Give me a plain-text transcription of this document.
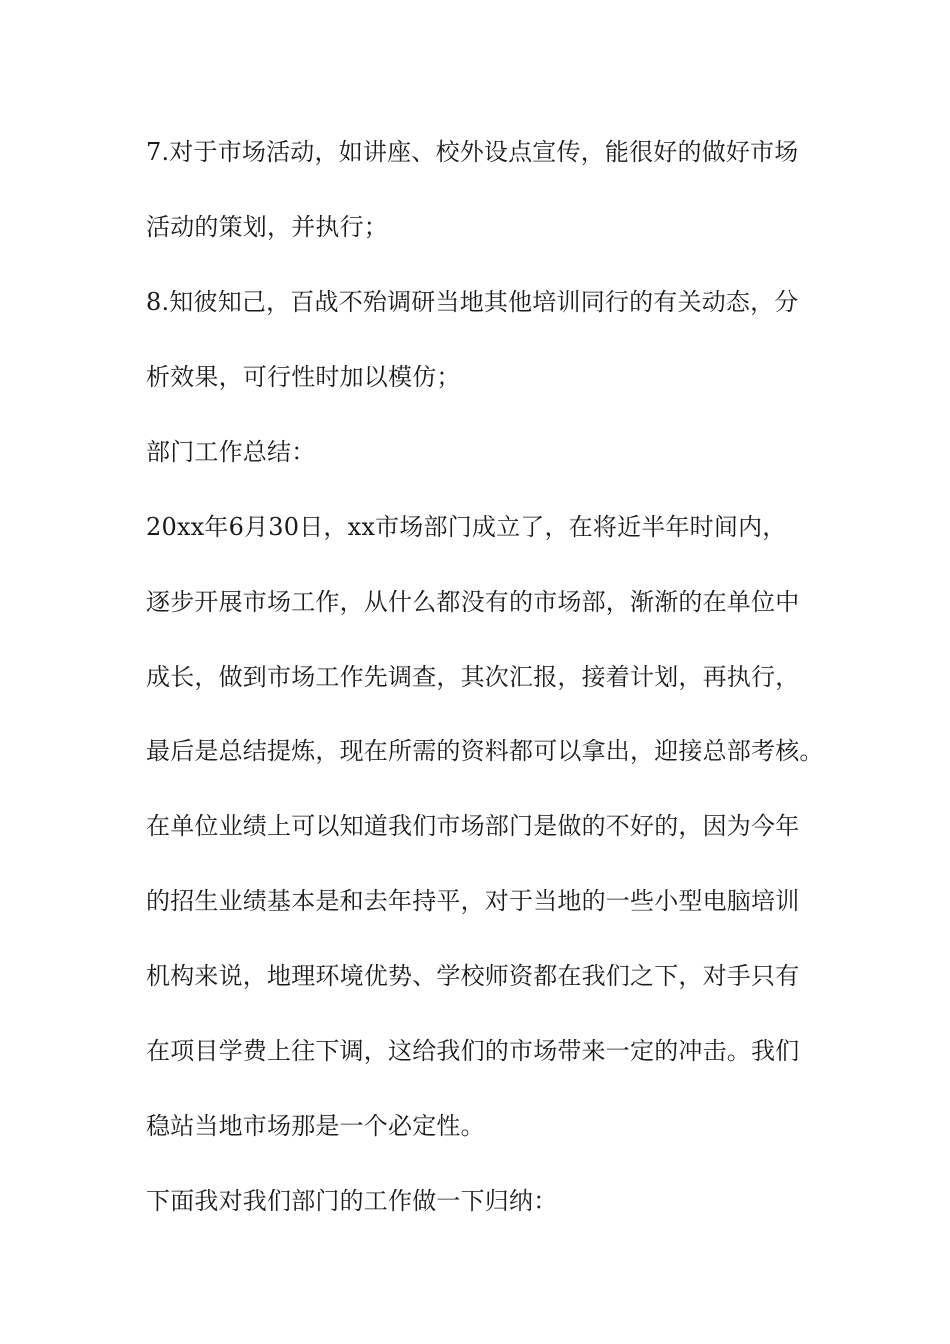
7.对于市场活动，如讲座、校外设点宣传，能很好的做好市场
活动的策划，并执行；
8.知彼知己，百战不殆调研当地其他培训同行的有关动态，分
析效果，可行性时加以模仿；
部门工作总结：
20xx年6月30日，xx市场部门成立了，在将近半年时间内，
逐步开展市场工作，从什么都没有的市场部，渐渐的在单位中
成长，做到市场工作先调查，其次汇报，接着计划，再执行，
最后是总结提炼，现在所需的资料都可以拿出，迎接总部考核。
在单位业绩上可以知道我们市场部门是做的不好的，因为今年
的招生业绩基本是和去年持平，对于当地的一些小型电脑培训
机构来说，地理环境优势、学校师资都在我们之下，对手只有
在项目学费上往下调，这给我们的市场带来一定的冲击。我们
稳站当地市场那是一个必定性。
下面我对我们部门的工作做一下归纳：
